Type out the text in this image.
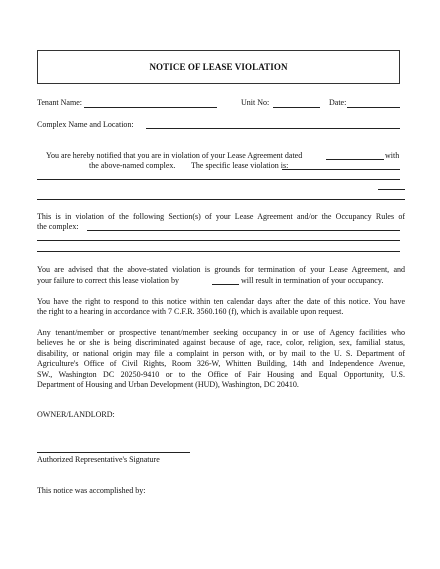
NOTICE OF LEASE VIOLATION
Tenant Name:	Unit No:	Date:
Complex Name and Location:
You are hereby notified that you are in violation of your Lease Agreement dated	with
the above-named complex. The specific lease violation is:
This is in violation of the following Section(s) of your Lease Agreement and/or the Occupancy Rules of
the complex:
You are advised that the above-stated violation is grounds for termination of your Lease Agreement, and
your failure to correct this lease violation by	will result in termination of your occupancy.
You have the right to respond to this notice within ten calendar days after the date of this notice. You have
the right to a hearing in accordance with 7 C.F.R. 3560.160 (f), which is available upon request.
Any tenant/member or prospective tenant/member seeking occupancy in or use of Agency facilities who
believes he or she is being discriminated against because of age, race, color, religion, sex, familial status,
disability, or national origin may file a complaint in person with, or by mail to the U. S. Department of
Agriculture's Office of Civil Rights, Room 326-W, Whitten Building, 14th and Independence Avenue,
SW., Washington DC 20250-9410 or to the Office of Fair Housing and Equal Opportunity, U.S.
Department of Housing and Urban Development (HUD), Washington, DC 20410.
OWNER/LANDLORD:
Authorized Representative's Signature
This notice was accomplished by:
